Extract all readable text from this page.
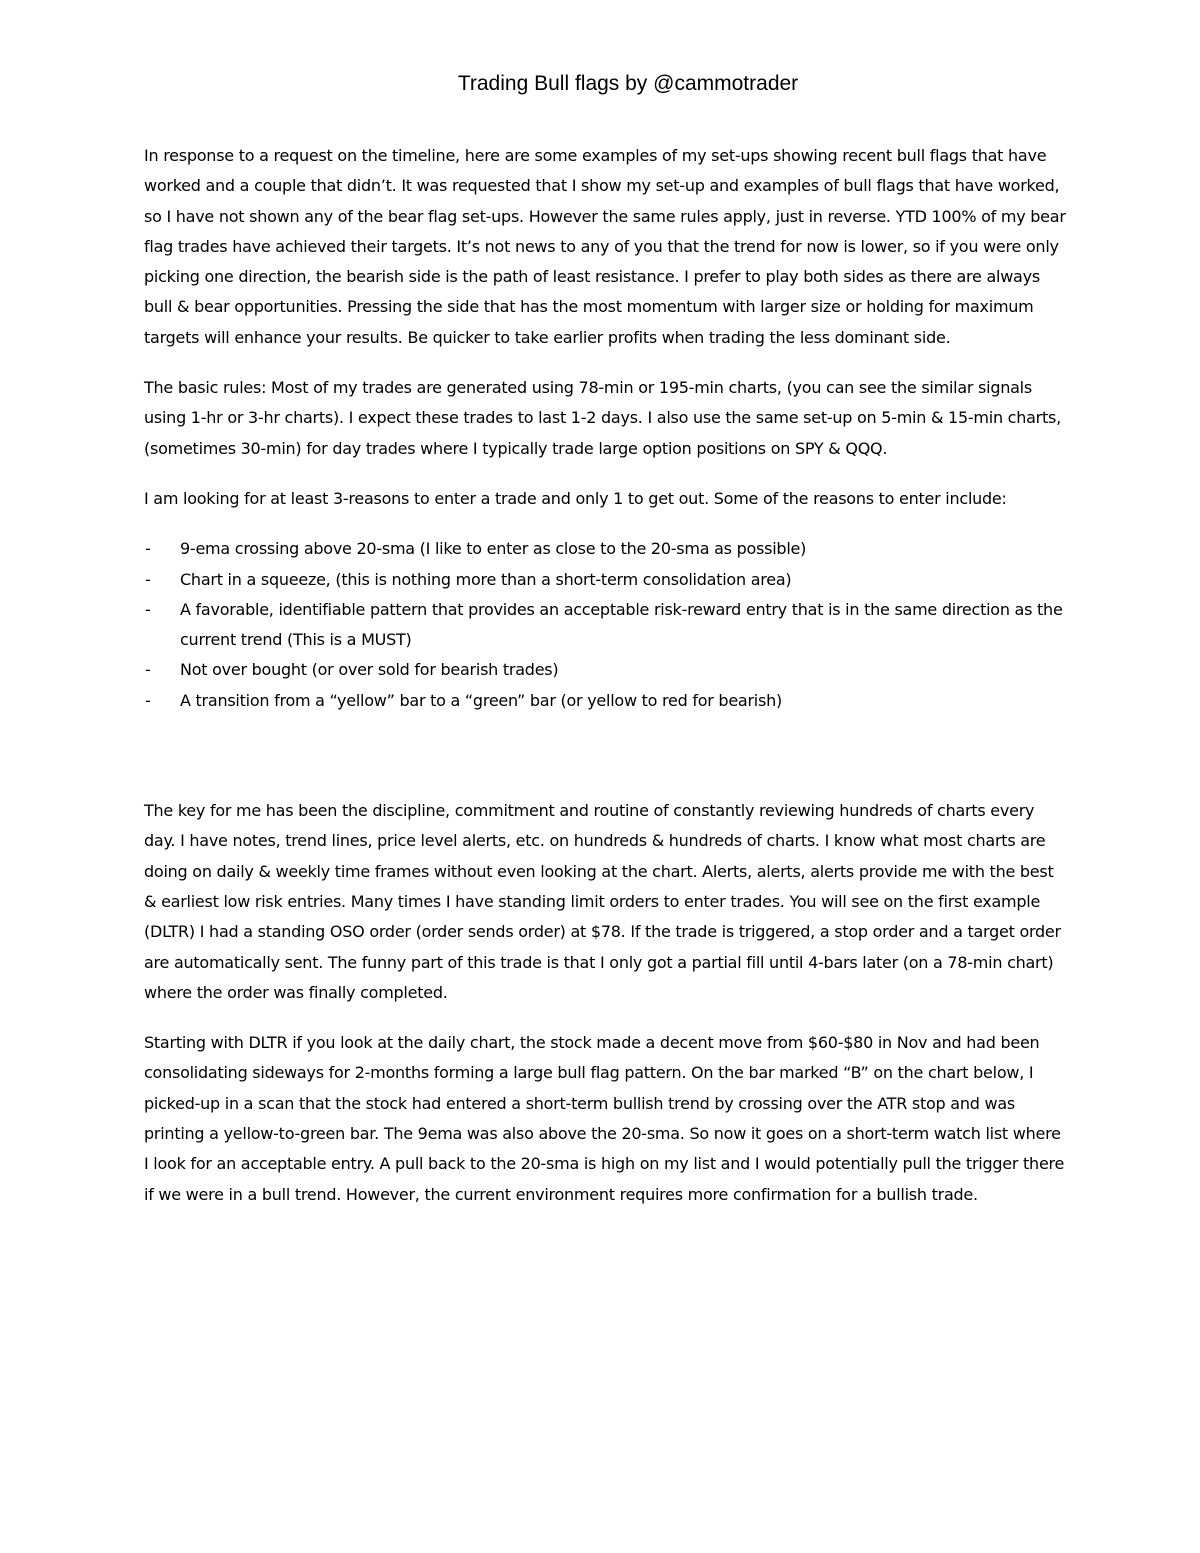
Trading Bull flags by @cammotrader

In response to a request on the timeline, here are some examples of my set-ups showing recent bull flags that have worked and a couple that didn’t. It was requested that I show my set-up and examples of bull flags that have worked, so I have not shown any of the bear flag set-ups. However the same rules apply, just in reverse. YTD 100% of my bear flag trades have achieved their targets. It’s not news to any of you that the trend for now is lower, so if you were only picking one direction, the bearish side is the path of least resistance. I prefer to play both sides as there are always bull & bear opportunities. Pressing the side that has the most momentum with larger size or holding for maximum targets will enhance your results. Be quicker to take earlier profits when trading the less dominant side.

The basic rules: Most of my trades are generated using 78-min or 195-min charts, (you can see the similar signals using 1-hr or 3-hr charts). I expect these trades to last 1-2 days. I also use the same set-up on 5-min & 15-min charts, (sometimes 30-min) for day trades where I typically trade large option positions on SPY & QQQ.

I am looking for at least 3-reasons to enter a trade and only 1 to get out. Some of the reasons to enter include:

- 9-ema crossing above 20-sma (I like to enter as close to the 20-sma as possible)
- Chart in a squeeze, (this is nothing more than a short-term consolidation area)
- A favorable, identifiable pattern that provides an acceptable risk-reward entry that is in the same direction as the current trend (This is a MUST)
- Not over bought (or over sold for bearish trades)
- A transition from a “yellow” bar to a “green” bar (or yellow to red for bearish)

The key for me has been the discipline, commitment and routine of constantly reviewing hundreds of charts every day. I have notes, trend lines, price level alerts, etc. on hundreds & hundreds of charts. I know what most charts are doing on daily & weekly time frames without even looking at the chart. Alerts, alerts, alerts provide me with the best & earliest low risk entries. Many times I have standing limit orders to enter trades. You will see on the first example (DLTR) I had a standing OSO order (order sends order) at $78. If the trade is triggered, a stop order and a target order are automatically sent. The funny part of this trade is that I only got a partial fill until 4-bars later (on a 78-min chart) where the order was finally completed.

Starting with DLTR if you look at the daily chart, the stock made a decent move from $60-$80 in Nov and had been consolidating sideways for 2-months forming a large bull flag pattern. On the bar marked “B” on the chart below, I picked-up in a scan that the stock had entered a short-term bullish trend by crossing over the ATR stop and was printing a yellow-to-green bar. The 9ema was also above the 20-sma. So now it goes on a short-term watch list where I look for an acceptable entry. A pull back to the 20-sma is high on my list and I would potentially pull the trigger there if we were in a bull trend. However, the current environment requires more confirmation for a bullish trade.
